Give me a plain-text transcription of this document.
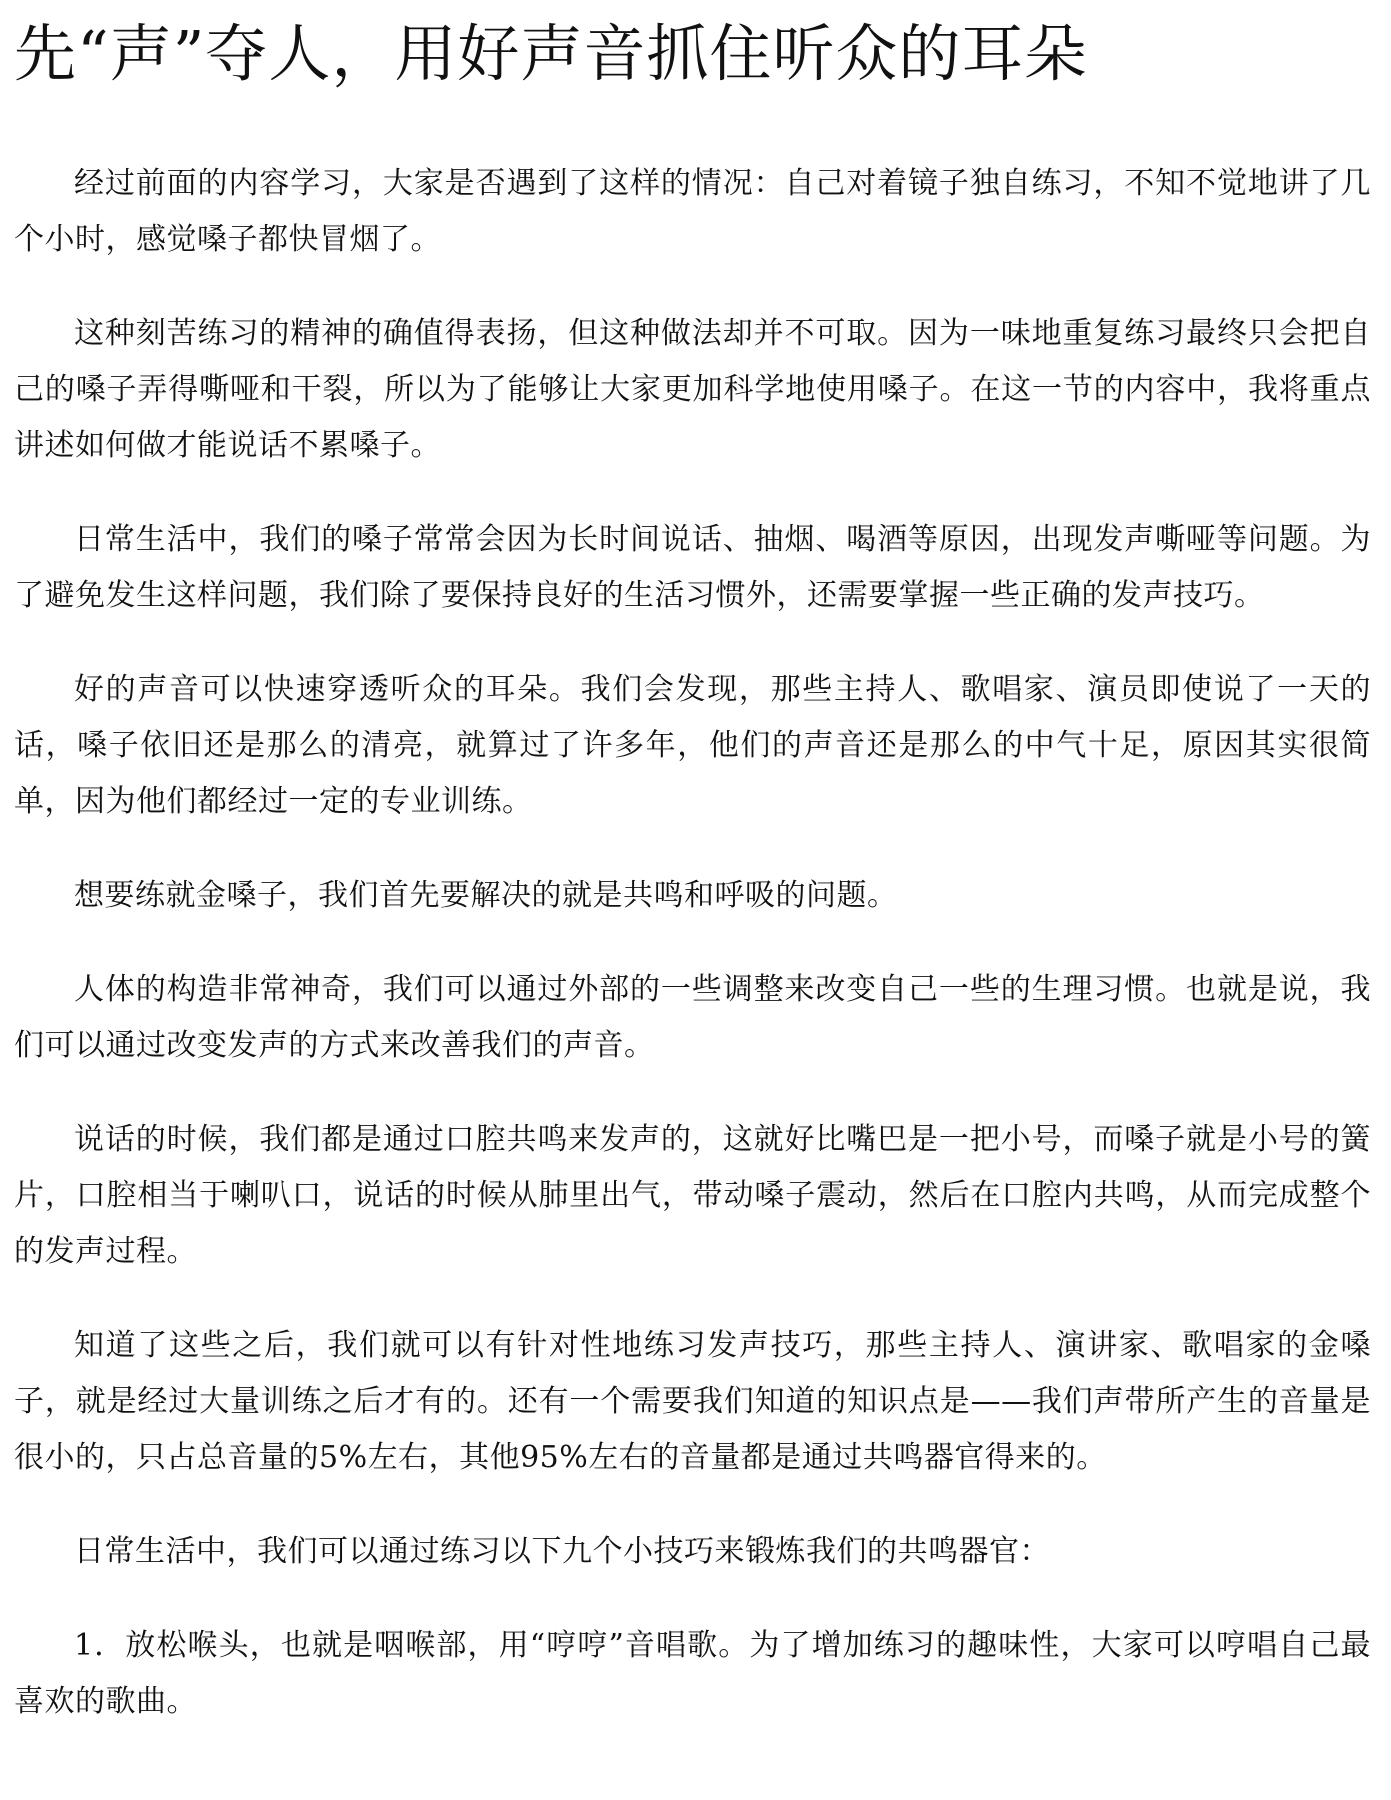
先“声”夺人，用好声音抓住听众的耳朵

经过前面的内容学习，大家是否遇到了这样的情况：自己对着镜子独自练习，不知不觉地讲了几个小时，感觉嗓子都快冒烟了。

这种刻苦练习的精神的确值得表扬，但这种做法却并不可取。因为一味地重复练习最终只会把自己的嗓子弄得嘶哑和干裂，所以为了能够让大家更加科学地使用嗓子。在这一节的内容中，我将重点讲述如何做才能说话不累嗓子。

日常生活中，我们的嗓子常常会因为长时间说话、抽烟、喝酒等原因，出现发声嘶哑等问题。为了避免发生这样问题，我们除了要保持良好的生活习惯外，还需要掌握一些正确的发声技巧。

好的声音可以快速穿透听众的耳朵。我们会发现，那些主持人、歌唱家、演员即使说了一天的话，嗓子依旧还是那么的清亮，就算过了许多年，他们的声音还是那么的中气十足，原因其实很简单，因为他们都经过一定的专业训练。

想要练就金嗓子，我们首先要解决的就是共鸣和呼吸的问题。

人体的构造非常神奇，我们可以通过外部的一些调整来改变自己一些的生理习惯。也就是说，我们可以通过改变发声的方式来改善我们的声音。

说话的时候，我们都是通过口腔共鸣来发声的，这就好比嘴巴是一把小号，而嗓子就是小号的簧片，口腔相当于喇叭口，说话的时候从肺里出气，带动嗓子震动，然后在口腔内共鸣，从而完成整个的发声过程。

知道了这些之后，我们就可以有针对性地练习发声技巧，那些主持人、演讲家、歌唱家的金嗓子，就是经过大量训练之后才有的。还有一个需要我们知道的知识点是——我们声带所产生的音量是很小的，只占总音量的5%左右，其他95%左右的音量都是通过共鸣器官得来的。

日常生活中，我们可以通过练习以下九个小技巧来锻炼我们的共鸣器官：

1．放松喉头，也就是咽喉部，用“哼哼”音唱歌。为了增加练习的趣味性，大家可以哼唱自己最喜欢的歌曲。
